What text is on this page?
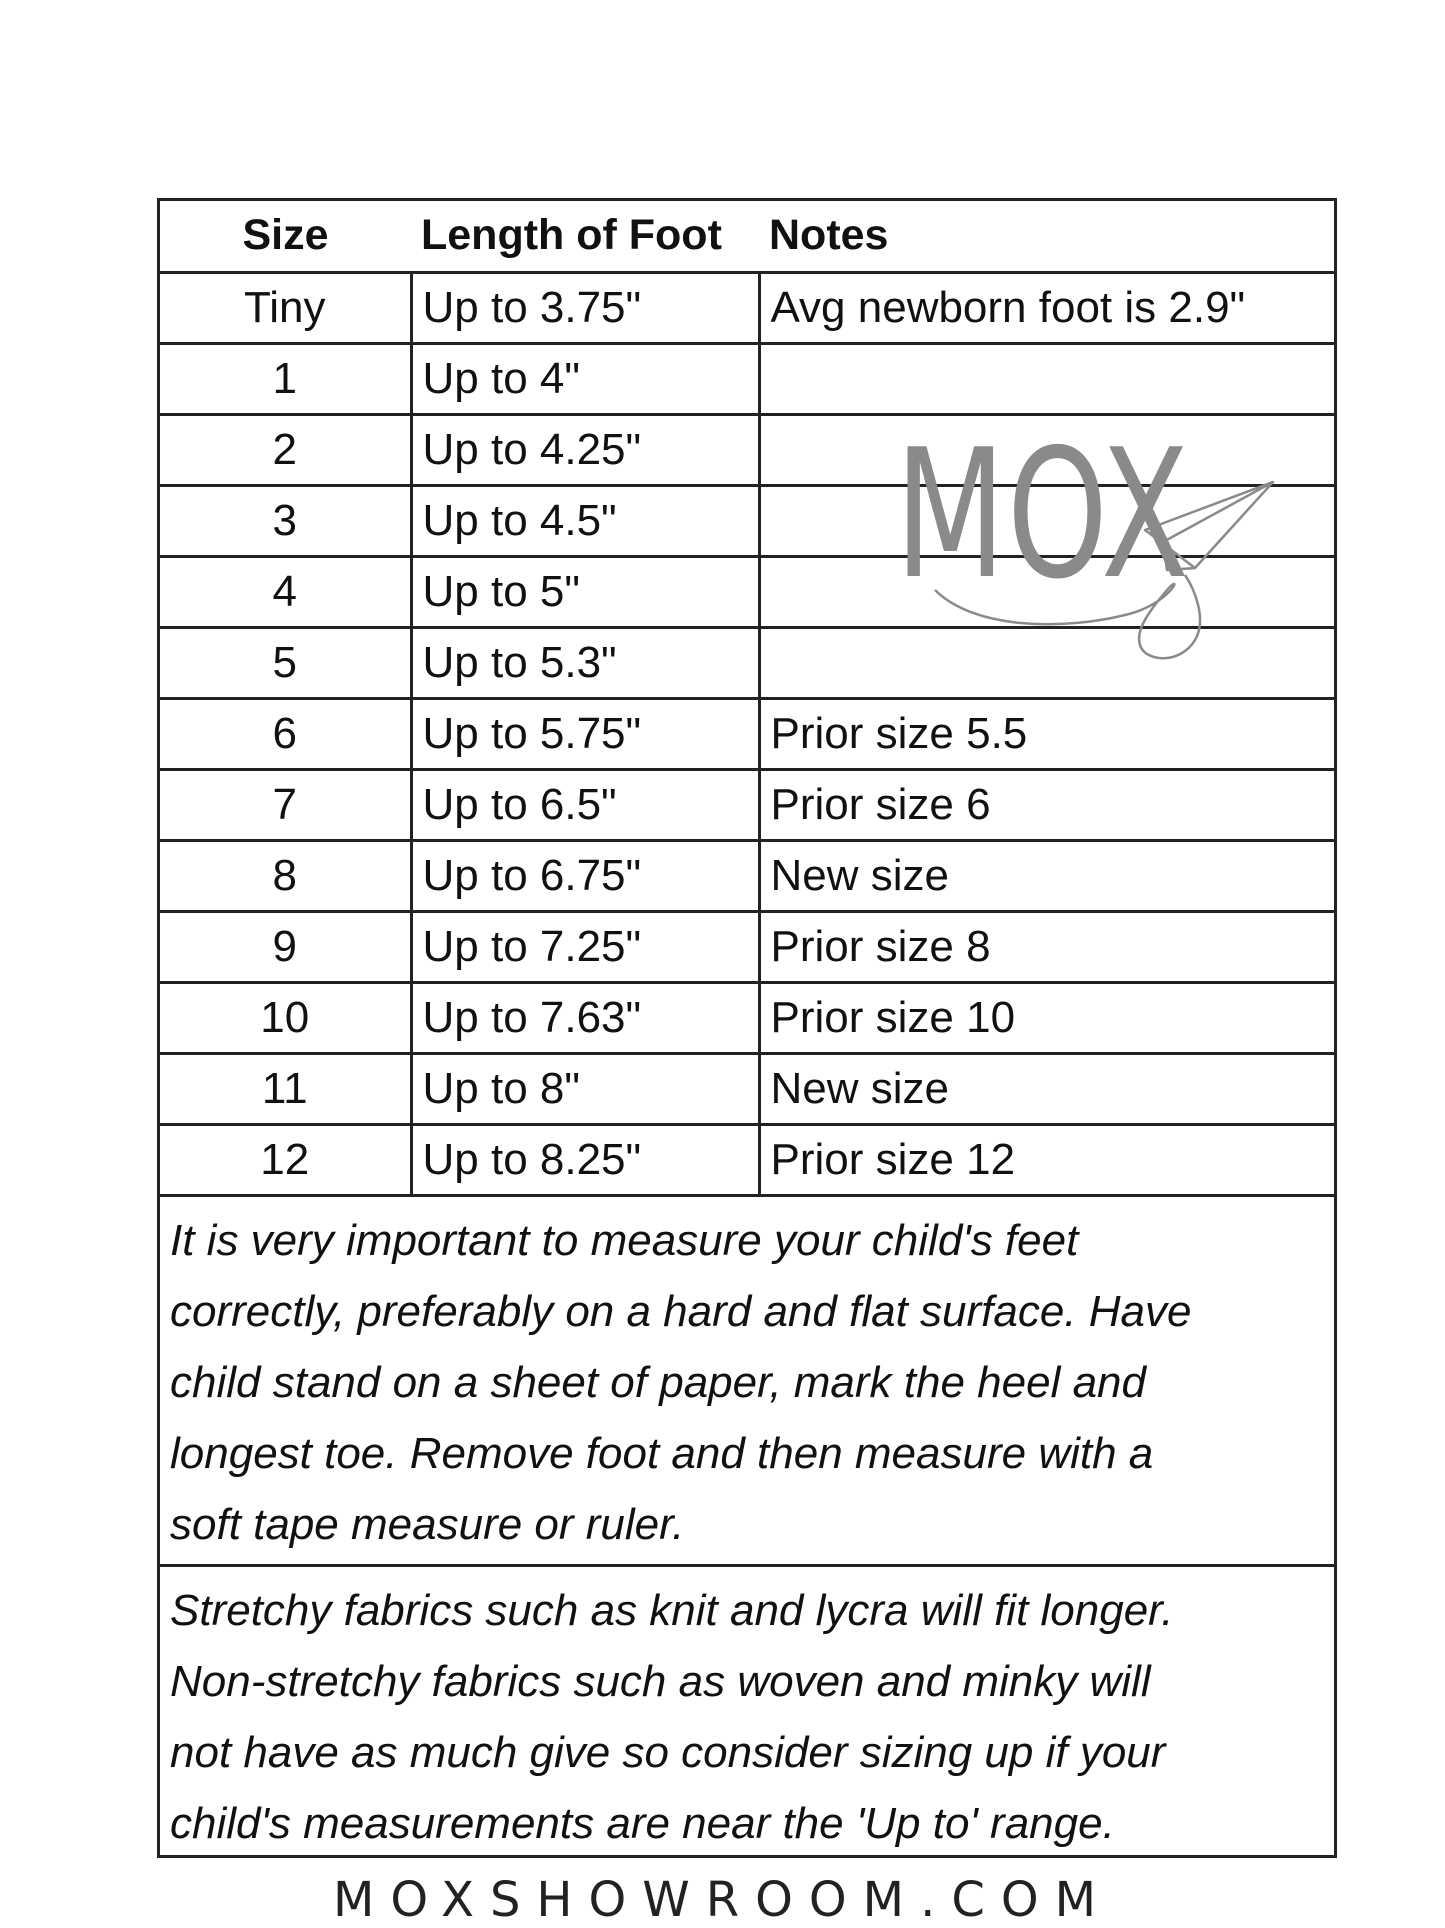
Size	Length of Foot	Notes
Tiny	Up to 3.75"	Avg newborn foot is 2.9"
1	Up to 4"	
2	Up to 4.25"	
3	Up to 4.5"	
4	Up to 5"	
5	Up to 5.3"	
6	Up to 5.75"	Prior size 5.5
7	Up to 6.5"	Prior size 6
8	Up to 6.75"	New size
9	Up to 7.25"	Prior size 8
10	Up to 7.63"	Prior size 10
11	Up to 8"	New size
12	Up to 8.25"	Prior size 12
It is very important to measure your child's feet
correctly, preferably on a hard and flat surface. Have
child stand on a sheet of paper, mark the heel and
longest toe. Remove foot and then measure with a
soft tape measure or ruler.
Stretchy fabrics such as knit and lycra will fit longer.
Non-stretchy fabrics such as woven and minky will
not have as much give so consider sizing up if your
child's measurements are near the 'Up to' range.
MOX
MOXSHOWROOM.COM
